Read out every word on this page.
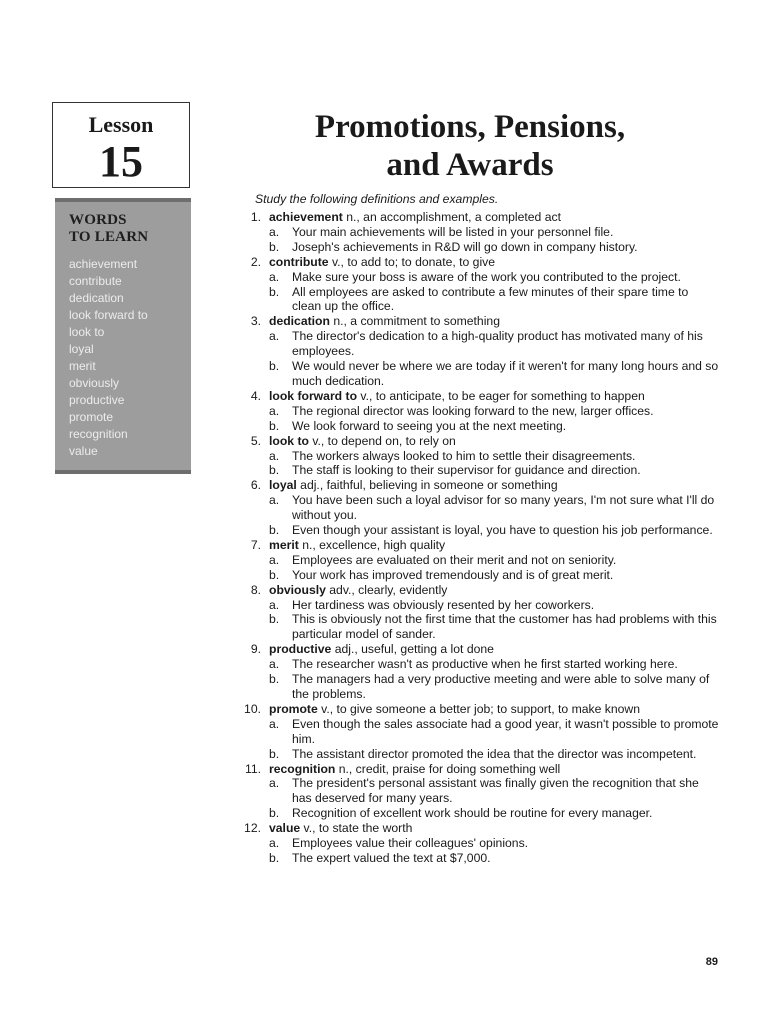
Lesson
15
WORDS
TO LEARN
achievement
contribute
dedication
look forward to
look to
loyal
merit
obviously
productive
promote
recognition
value
Promotions, Pensions,
and Awards
Study the following definitions and examples.
1. achievement n., an accomplishment, a completed act
a. Your main achievements will be listed in your personnel file.
b. Joseph's achievements in R&D will go down in company history.
2. contribute v., to add to; to donate, to give
a. Make sure your boss is aware of the work you contributed to the project.
b. All employees are asked to contribute a few minutes of their spare time to clean up the office.
3. dedication n., a commitment to something
a. The director's dedication to a high-quality product has motivated many of his employees.
b. We would never be where we are today if it weren't for many long hours and so much dedication.
4. look forward to v., to anticipate, to be eager for something to happen
a. The regional director was looking forward to the new, larger offices.
b. We look forward to seeing you at the next meeting.
5. look to v., to depend on, to rely on
a. The workers always looked to him to settle their disagreements.
b. The staff is looking to their supervisor for guidance and direction.
6. loyal adj., faithful, believing in someone or something
a. You have been such a loyal advisor for so many years, I'm not sure what I'll do without you.
b. Even though your assistant is loyal, you have to question his job performance.
7. merit n., excellence, high quality
a. Employees are evaluated on their merit and not on seniority.
b. Your work has improved tremendously and is of great merit.
8. obviously adv., clearly, evidently
a. Her tardiness was obviously resented by her coworkers.
b. This is obviously not the first time that the customer has had problems with this particular model of sander.
9. productive adj., useful, getting a lot done
a. The researcher wasn't as productive when he first started working here.
b. The managers had a very productive meeting and were able to solve many of the problems.
10. promote v., to give someone a better job; to support, to make known
a. Even though the sales associate had a good year, it wasn't possible to promote him.
b. The assistant director promoted the idea that the director was incompetent.
11. recognition n., credit, praise for doing something well
a. The president's personal assistant was finally given the recognition that she has deserved for many years.
b. Recognition of excellent work should be routine for every manager.
12. value v., to state the worth
a. Employees value their colleagues' opinions.
b. The expert valued the text at $7,000.
89
